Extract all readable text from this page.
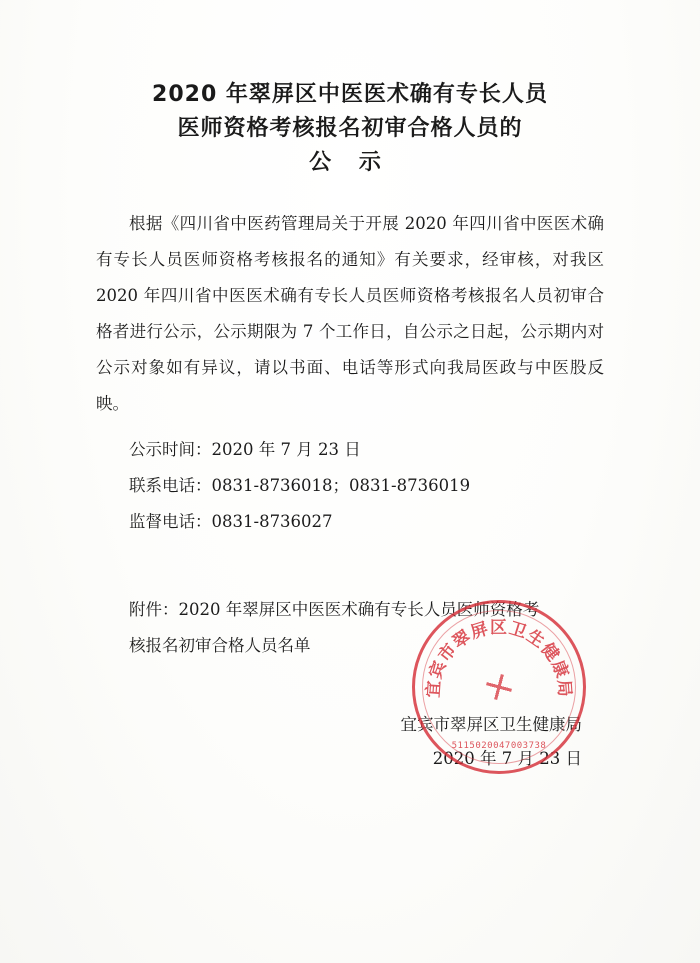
2020 年翠屏区中医医术确有专长人员
医师资格考核报名初审合格人员的
公 示

根据《四川省中医药管理局关于开展 2020 年四川省中医医术确有专长人员医师资格考核报名的通知》有关要求，经审核，对我区 2020 年四川省中医医术确有专长人员医师资格考核报名人员初审合格者进行公示，公示期限为 7 个工作日，自公示之日起，公示期内对公示对象如有异议，请以书面、电话等形式向我局医政与中医股反映。

公示时间：2020 年 7 月 23 日

联系电话：0831-8736018；0831-8736019

监督电话：0831-8736027

附件：2020 年翠屏区中医医术确有专长人员医师资格考

核报名初审合格人员名单

宜宾市翠屏区卫生健康局
2020 年 7 月 23 日
宜宾市翠屏区卫生健康局
5115020047003738
